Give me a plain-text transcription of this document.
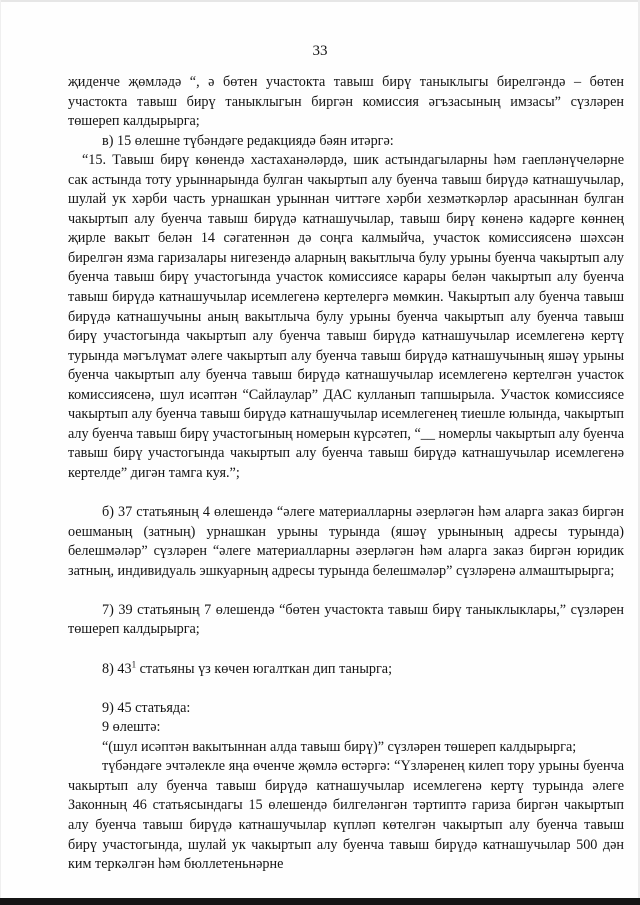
33

җиденче җөмләдә “, ә бөтен участокта тавыш бирү таныклыгы бирелгәндә – бөтен участокта тавыш бирү таныклыгын биргән комиссия әгъзасының имзасы” сүзләрен төшереп калдырырга;

в) 15 өлешне түбәндәге редакциядә бәян итәргә:

“15. Тавыш бирү көнендә хастаханәләрдә, шик астындагыларны һәм гаепләнүчеләрне сак астында тоту урыннарында булган чакыртып алу буенча тавыш бирүдә катнашучылар, шулай ук хәрби часть урнашкан урыннан читтәге хәрби хезмәткәрләр арасыннан булган чакыртып алу буенча тавыш бирүдә катнашучылар, тавыш бирү көненә кадәрге көннең җирле вакыт белән 14 сәгатеннән дә соңга калмыйча, участок комиссиясенә шәхсән бирелгән язма гаризалары нигезендә аларның вакытлыча булу урыны буенча чакыртып алу буенча тавыш бирү участогында участок комиссиясе карары белән чакыртып алу буенча тавыш бирүдә катнашучылар исемлегенә кертелергә мөмкин. Чакыртып алу буенча тавыш бирүдә катнашучыны аның вакытлыча булу урыны буенча чакыртып алу буенча тавыш бирү участогында чакыртып алу буенча тавыш бирүдә катнашучылар исемлегенә кертү турында мәгълүмат әлеге чакыртып алу буенча тавыш бирүдә катнашучының яшәү урыны буенча чакыртып алу буенча тавыш бирүдә катнашучылар исемлегенә кертелгән участок комиссиясенә, шул исәптән “Сайлаулар” ДАС кулланып тапшырыла. Участок комиссиясе чакыртып алу буенча тавыш бирүдә катнашучылар исемлегенең тиешле юлында, чакыртып алу буенча тавыш бирү участогының номерын күрсәтеп, “__ номерлы чакыртып алу буенча тавыш бирү участогында чакыртып алу буенча тавыш бирүдә катнашучылар исемлегенә кертелде” дигән тамга куя.”;

б) 37 статьяның 4 өлешендә “әлеге материалларны әзерләгән һәм аларга заказ биргән оешманың (затның) урнашкан урыны турында (яшәү урынының адресы турында) белешмәләр” сүзләрен “әлеге материалларны әзерләгән һәм аларга заказ биргән юридик затның, индивидуаль эшкуарның адресы турында белешмәләр” сүзләренә алмаштырырга;

7) 39 статьяның 7 өлешендә “бөтен участокта тавыш бирү таныклыклары,” сүзләрен төшереп калдырырга;

8) $43^1$ статьяны үз көчен югалткан дип танырга;

9) 45 статьяда:

9 өлештә:

“(шул исәптән вакытыннан алда тавыш бирү)” сүзләрен төшереп калдырырга;

түбәндәге эчтәлекле яңа өченче җөмлә өстәргә: “Үзләренең килеп тору урыны буенча чакыртып алу буенча тавыш бирүдә катнашучылар исемлегенә кертү турында әлеге Законның 46 статьясындагы 15 өлешендә билгеләнгән тәртиптә гариза биргән чакыртып алу буенча тавыш бирүдә катнашучылар күпләп көтелгән чакыртып алу буенча тавыш бирү участогында, шулай ук чакыртып алу буенча тавыш бирүдә катнашучылар 500 дән ким теркәлгән һәм бюллетеньнәрне
